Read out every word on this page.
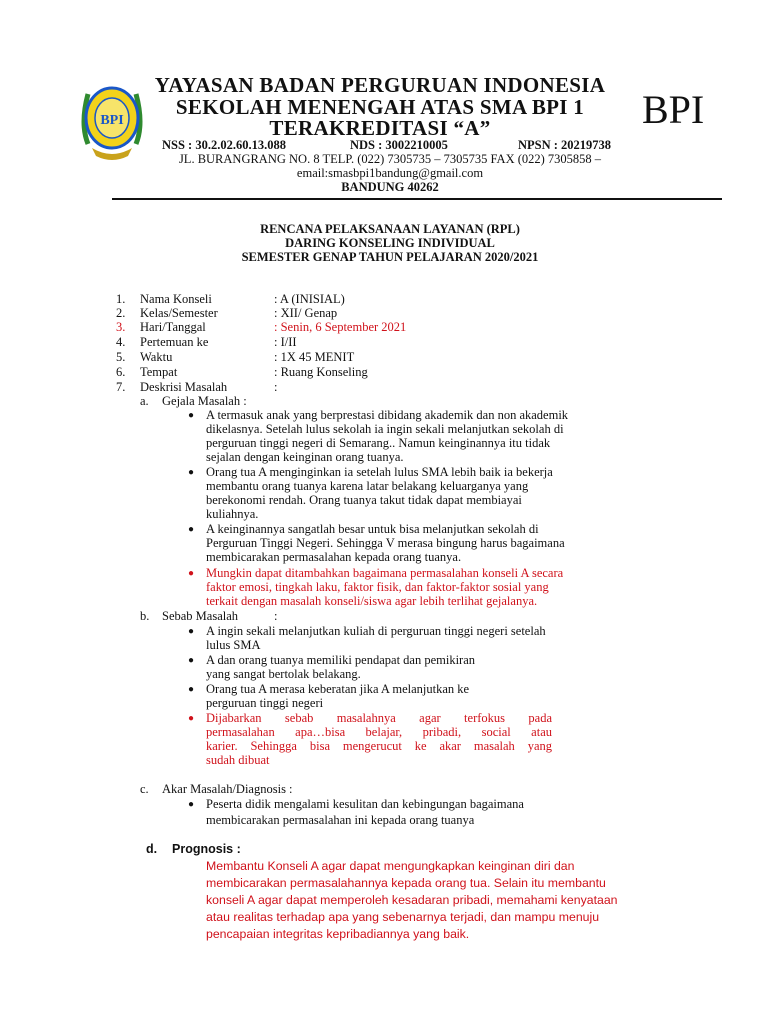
BPI
YAYASAN BADAN PERGURUAN INDONESIA
SEKOLAH MENENGAH ATAS SMA BPI 1
TERAKREDITASI “A”	BPI
NSS : 30.2.02.60.13.088	NDS : 3002210005	NPSN : 20219738
JL. BURANGRANG NO. 8 TELP. (022) 7305735 – 7305735 FAX (022) 7305858 –
email:smasbpi1bandung@gmail.com
BANDUNG 40262
RENCANA PELAKSANAAN LAYANAN (RPL)
DARING KONSELING INDIVIDUAL
SEMESTER GENAP TAHUN PELAJARAN 2020/2021
1. Nama Konseli	: A (INISIAL)
2. Kelas/Semester	: XII/ Genap
3. Hari/Tanggal	: Senin, 6 September 2021
4. Pertemuan ke	: I/II
5. Waktu	: 1X 45 MENIT
6. Tempat	: Ruang Konseling
7. Deskrisi Masalah	:
a. Gejala Masalah :
● A termasuk anak yang berprestasi dibidang akademik dan non akademik
dikelasnya. Setelah lulus sekolah ia ingin sekali melanjutkan sekolah di
perguruan tinggi negeri di Semarang.. Namun keinginannya itu tidak
sejalan dengan keinginan orang tuanya.
● Orang tua A menginginkan ia setelah lulus SMA lebih baik ia bekerja
membantu orang tuanya karena latar belakang keluarganya yang
berekonomi rendah. Orang tuanya takut tidak dapat membiayai
kuliahnya.
● A keinginannya sangatlah besar untuk bisa melanjutkan sekolah di
Perguruan Tinggi Negeri. Sehingga V merasa bingung harus bagaimana
membicarakan permasalahan kepada orang tuanya.
● Mungkin dapat ditambahkan bagaimana permasalahan konseli A secara
faktor emosi, tingkah laku, faktor fisik, dan faktor-faktor sosial yang
terkait dengan masalah konseli/siswa agar lebih terlihat gejalanya.
b. Sebab Masalah	:
● A ingin sekali melanjutkan kuliah di perguruan tinggi negeri setelah
lulus SMA
● A dan orang tuanya memiliki pendapat dan pemikiran
yang sangat bertolak belakang.
● Orang tua A merasa keberatan jika A melanjutkan ke
perguruan tinggi negeri
● Dijabarkan sebab masalahnya agar terfokus pada
permasalahan apa…bisa belajar, pribadi, social atau
karier. Sehingga bisa mengerucut ke akar masalah yang
sudah dibuat
c. Akar Masalah/Diagnosis :
● Peserta didik mengalami kesulitan dan kebingungan bagaimana
membicarakan permasalahan ini kepada orang tuanya
d. Prognosis :
Membantu Konseli A agar dapat mengungkapkan keinginan diri dan
membicarakan permasalahannya kepada orang tua. Selain itu membantu
konseli A agar dapat memperoleh kesadaran pribadi, memahami kenyataan
atau realitas terhadap apa yang sebenarnya terjadi, dan mampu menuju
pencapaian integritas kepribadiannya yang baik.
